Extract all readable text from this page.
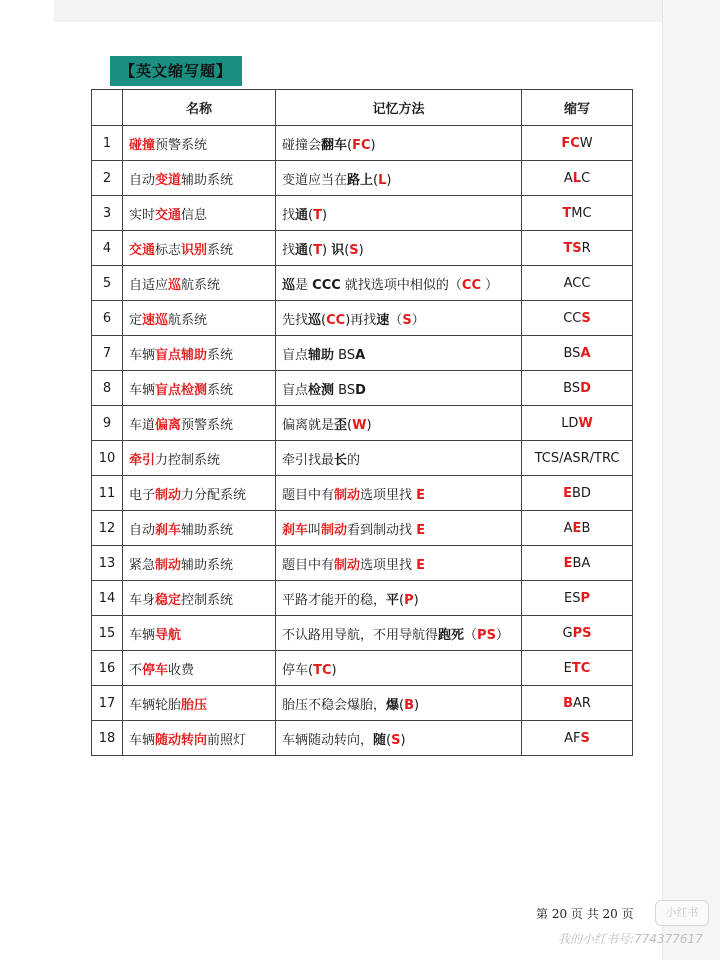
【英文缩写题】
	名称	记忆方法	缩写
1	碰撞预警系统	碰撞会翻车(FC)	FCW
2	自动变道辅助系统	变道应当在路上(L)	ALC
3	实时交通信息	找通(T)	TMC
4	交通标志识别系统	找通(T) 识(S)	TSR
5	自适应巡航系统	巡是 CCC 就找选项中相似的（CC ）	ACC
6	定速巡航系统	先找巡(CC)再找速（S）	CCS
7	车辆盲点辅助系统	盲点辅助 BSA	BSA
8	车辆盲点检测系统	盲点检测 BSD	BSD
9	车道偏离预警系统	偏离就是歪(W)	LDW
10	牵引力控制系统	牵引找最长的	TCS/ASR/TRC
11	电子制动力分配系统	题目中有制动选项里找 E	EBD
12	自动刹车辅助系统	刹车叫制动看到制动找 E	AEB
13	紧急制动辅助系统	题目中有制动选项里找 E	EBA
14	车身稳定控制系统	平路才能开的稳，平(P)	ESP
15	车辆导航	不认路用导航，不用导航得跑死（PS）	GPS
16	不停车收费	停车(TC)	ETC
17	车辆轮胎胎压	胎压不稳会爆胎，爆(B)	BAR
18	车辆随动转向前照灯	车辆随动转向，随(S)	AFS
第 20 页 共 20 页	小红书
我的小红书号:774377617
